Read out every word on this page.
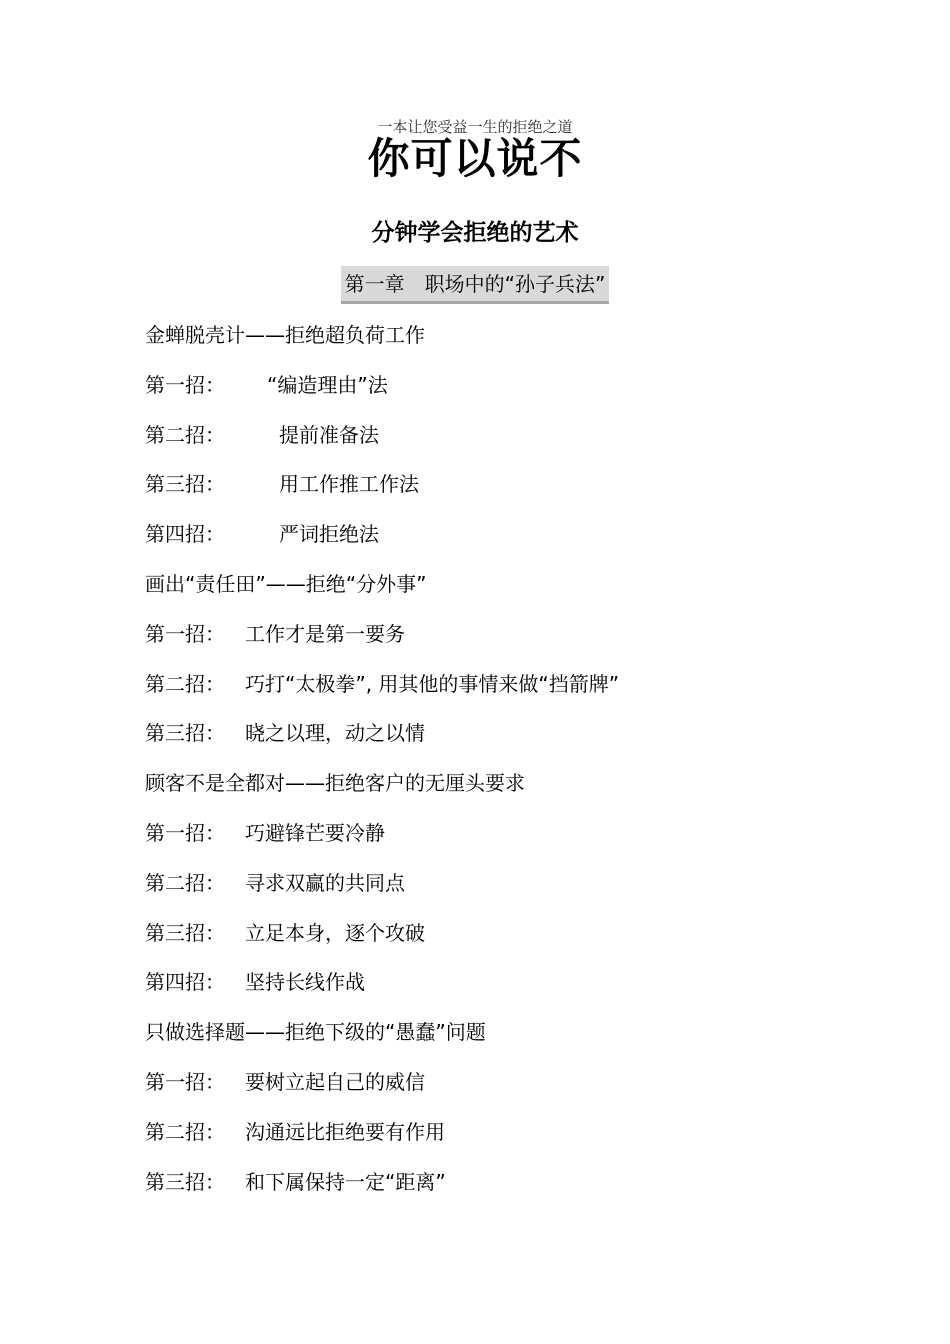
一本让您受益一生的拒绝之道
你可以说不
分钟学会拒绝的艺术
第一章　职场中的“孙子兵法”
金蝉脱壳计——拒绝超负荷工作
第一招： “编造理由”法
第二招：	提前准备法
第三招：	用工作推工作法
第四招：	严词拒绝法
画出“责任田”——拒绝“分外事”
第一招： 工作才是第一要务
第二招： 巧打“太极拳”, 用其他的事情来做“挡箭牌”
第三招： 晓之以理，动之以情
顾客不是全都对——拒绝客户的无厘头要求
第一招： 巧避锋芒要冷静
第二招： 寻求双赢的共同点
第三招： 立足本身，逐个攻破
第四招： 坚持长线作战
只做选择题——拒绝下级的“愚蠢”问题
第一招： 要树立起自己的威信
第二招： 沟通远比拒绝要有作用
第三招： 和下属保持一定“距离”
